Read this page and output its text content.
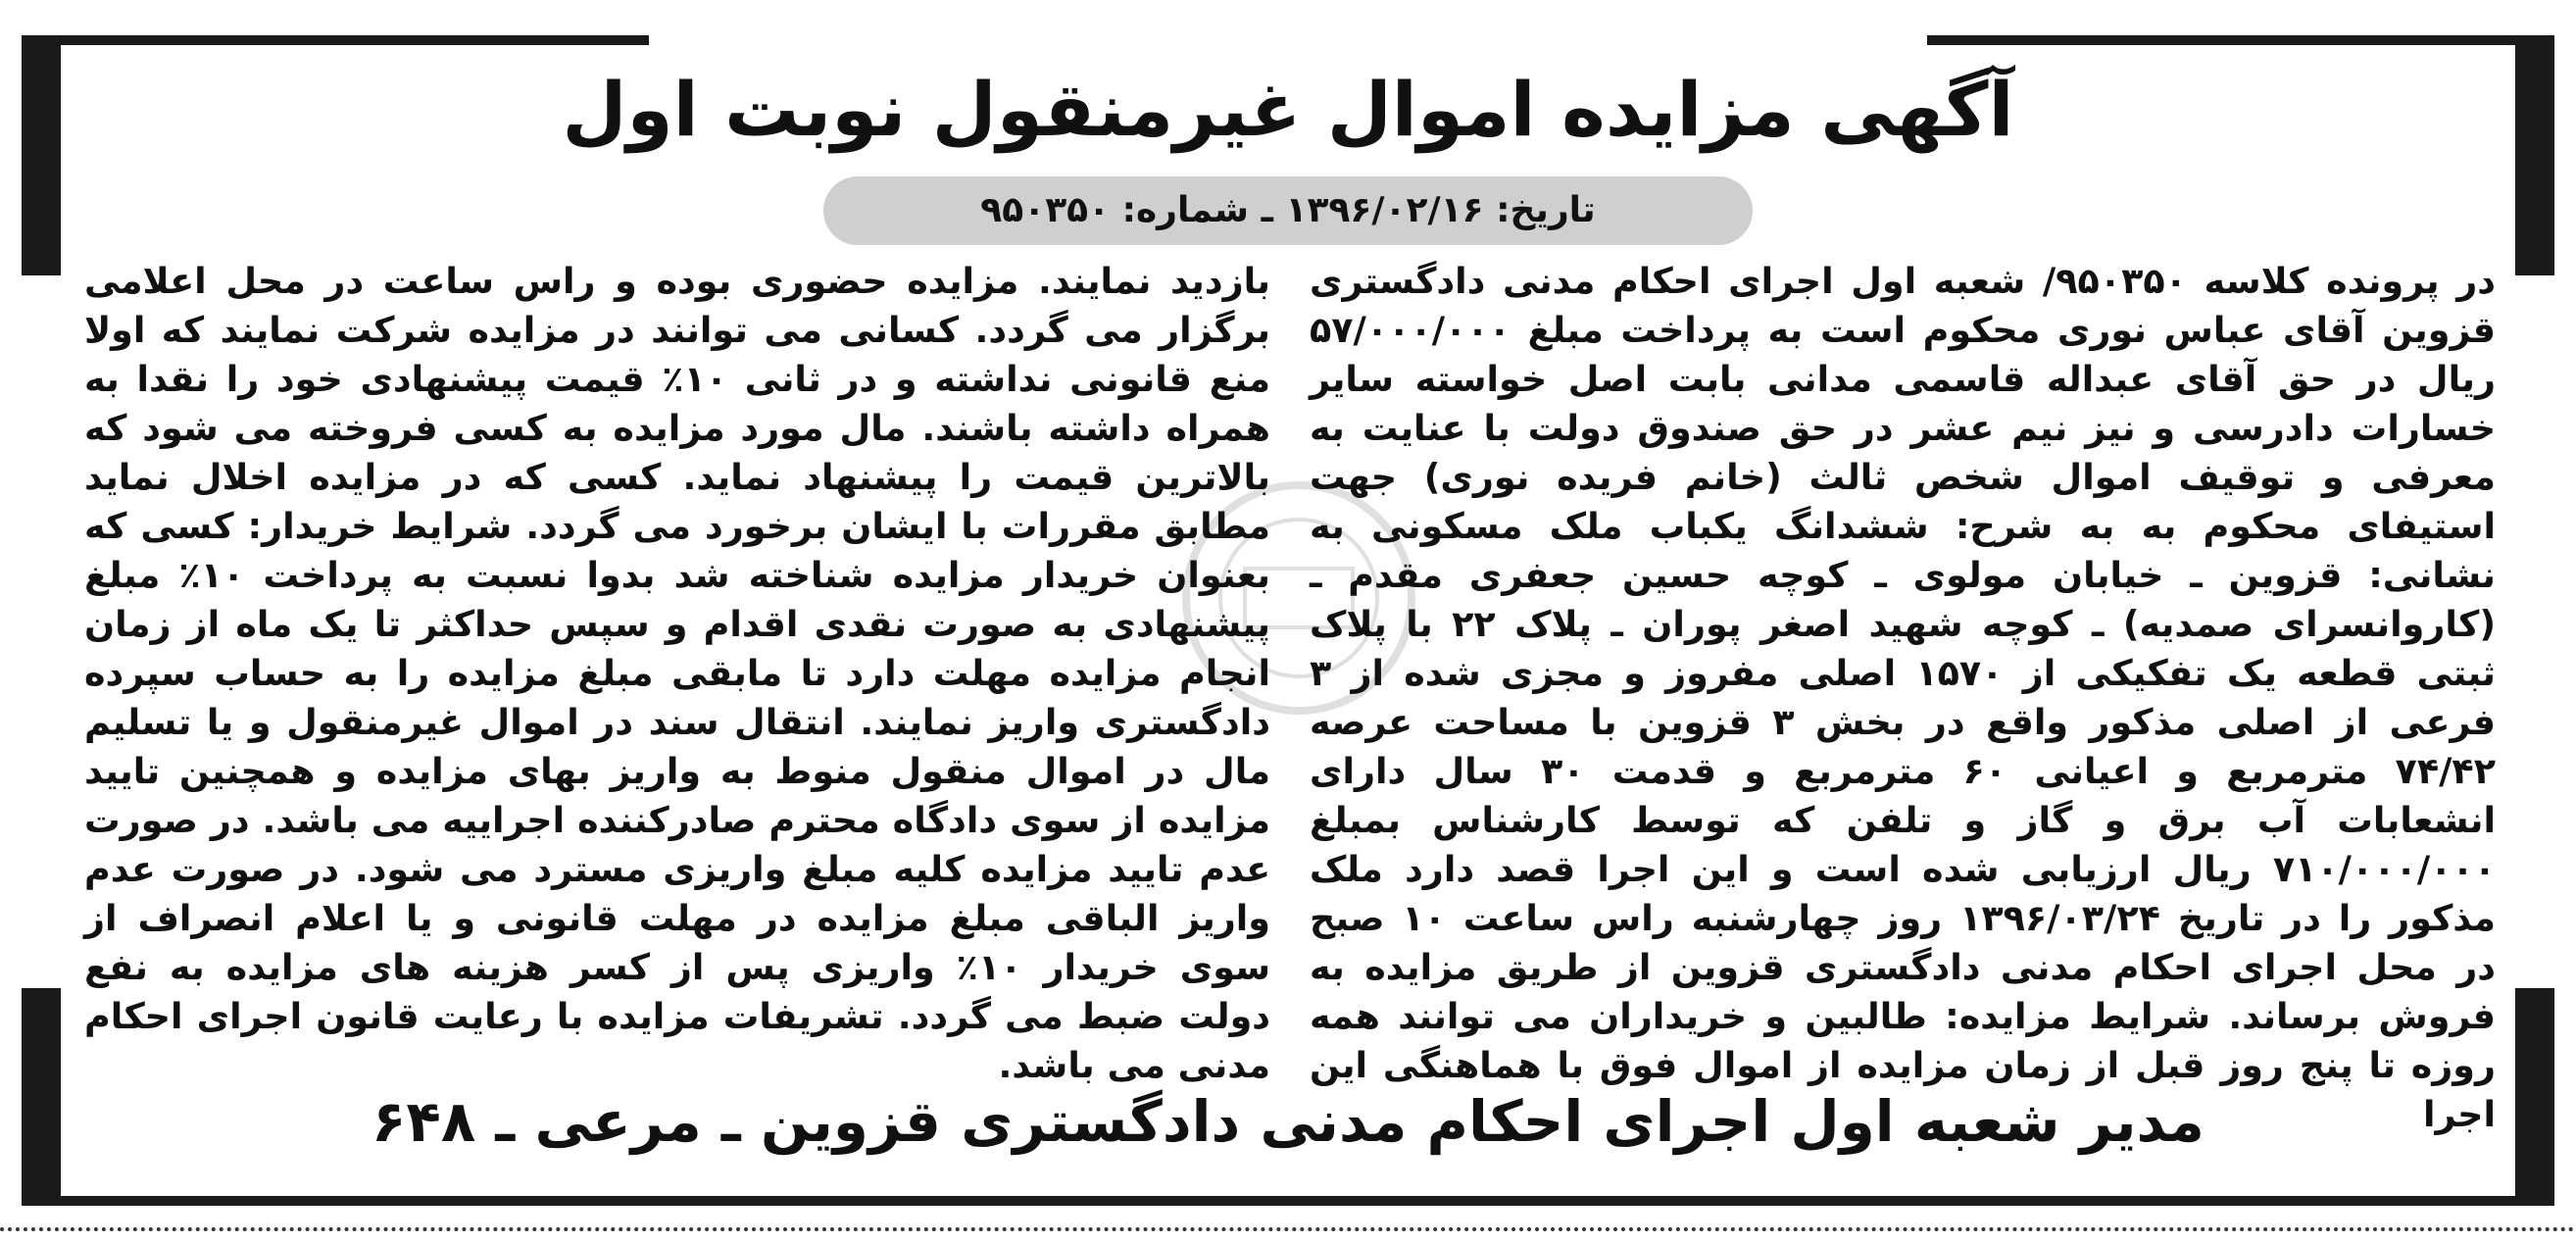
آگهی مزایده اموال غیرمنقول نوبت اول
تاریخ: ۱۳۹۶/۰۲/۱۶ ـ شماره: ۹۵۰۳۵۰
در پرونده کلاسه ۹۵۰۳۵۰/ شعبه اول اجرای احکام مدنی دادگستری قزوین آقای عباس نوری محکوم است به پرداخت مبلغ ۵۷/۰۰۰/۰۰۰ ریال در حق آقای عبداله قاسمی مدانی بابت اصل خواسته سایر خسارات دادرسی و نیز نیم عشر در حق صندوق دولت با عنایت به معرفی و توقیف اموال شخص ثالث (خانم فریده نوری) جهت استیفای محکوم به به شرح: ششدانگ یکباب ملک مسکونی به نشانی: قزوین ـ خیابان مولوی ـ کوچه حسین جعفری مقدم ـ (کاروانسرای صمدیه) ـ کوچه شهید اصغر پوران ـ پلاک ۲۲ با پلاک ثبتی قطعه یک تفکیکی از ۱۵۷۰ اصلی مفروز و مجزی شده از ۳ فرعی از اصلی مذکور واقع در بخش ۳ قزوین با مساحت عرصه ۷۴/۴۲ مترمربع و اعیانی ۶۰ مترمربع و قدمت ۳۰ سال دارای انشعابات آب برق و گاز و تلفن که توسط کارشناس بمبلغ ۷۱۰/۰۰۰/۰۰۰ ریال ارزیابی شده است و این اجرا قصد دارد ملک مذکور را در تاریخ ۱۳۹۶/۰۳/۲۴ روز چهارشنبه راس ساعت ۱۰ صبح در محل اجرای احکام مدنی دادگستری قزوین از طریق مزایده به فروش برساند. شرایط مزایده: طالبین و خریداران می توانند همه روزه تا پنج روز قبل از زمان مزایده از اموال فوق با هماهنگی این اجرا
بازدید نمایند. مزایده حضوری بوده و راس ساعت در محل اعلامی برگزار می گردد. کسانی می توانند در مزایده شرکت نمایند که اولا منع قانونی نداشته و در ثانی ۱۰٪ قیمت پیشنهادی خود را نقدا به همراه داشته باشند. مال مورد مزایده به کسی فروخته می شود که بالاترین قیمت را پیشنهاد نماید. کسی که در مزایده اخلال نماید مطابق مقررات با ایشان برخورد می گردد. شرایط خریدار: کسی که بعنوان خریدار مزایده شناخته شد بدوا نسبت به پرداخت ۱۰٪ مبلغ پیشنهادی به صورت نقدی اقدام و سپس حداکثر تا یک ماه از زمان انجام مزایده مهلت دارد تا مابقی مبلغ مزایده را به حساب سپرده دادگستری واریز نمایند. انتقال سند در اموال غیرمنقول و یا تسلیم مال در اموال منقول منوط به واریز بهای مزایده و همچنین تایید مزایده از سوی دادگاه محترم صادرکننده اجراییه می باشد. در صورت عدم تایید مزایده کلیه مبلغ واریزی مسترد می شود. در صورت عدم واریز الباقی مبلغ مزایده در مهلت قانونی و یا اعلام انصراف از سوی خریدار ۱۰٪ واریزی پس از کسر هزینه های مزایده به نفع دولت ضبط می گردد. تشریفات مزایده با رعایت قانون اجرای احکام مدنی می باشد.
مدیر شعبه اول اجرای احکام مدنی دادگستری قزوین ـ مرعی ـ ۶۴۸
